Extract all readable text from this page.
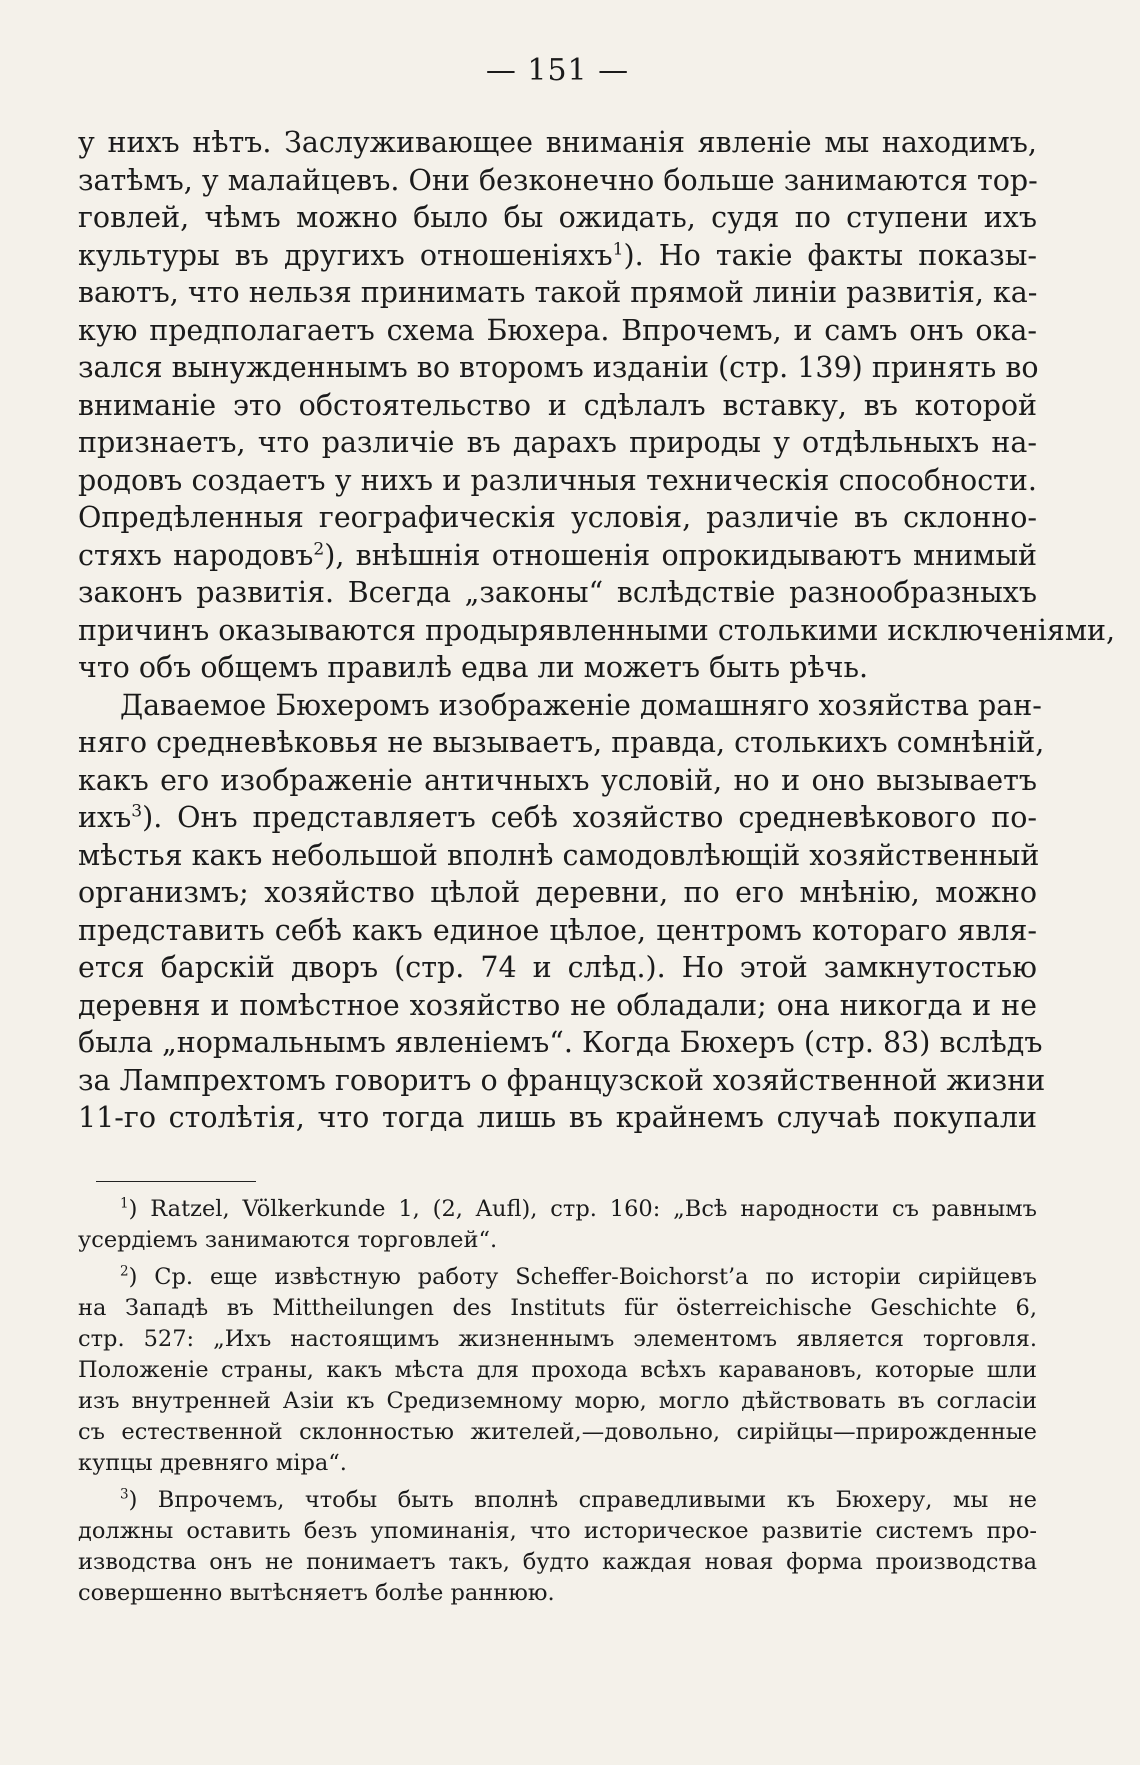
— 151 —
у нихъ нѣтъ. Заслуживающее вниманія явленіе мы находимъ,
затѣмъ, у малайцевъ. Они безконечно больше занимаются тор-
говлей, чѣмъ можно было бы ожидать, судя по ступени ихъ
культуры въ другихъ отношеніяхъ$^1$). Но такіе факты показы-
ваютъ, что нельзя принимать такой прямой линіи развитія, ка-
кую предполагаетъ схема Бюхера. Впрочемъ, и самъ онъ ока-
зался вынужденнымъ во второмъ изданіи (стр. 139) принять во
вниманіе это обстоятельство и сдѣлалъ вставку, въ которой
признаетъ, что различіе въ дарахъ природы у отдѣльныхъ на-
родовъ создаетъ у нихъ и различныя техническія способности.
Опредѣленныя географическія условія, различіе въ склонно-
стяхъ народовъ$^2$), внѣшнія отношенія опрокидываютъ мнимый
законъ развитія. Всегда „законы“ вслѣдствіе разнообразныхъ
причинъ оказываются продырявленными столькими исключеніями,
что объ общемъ правилѣ едва ли можетъ быть рѣчь.
Даваемое Бюхеромъ изображеніе домашняго хозяйства ран-
няго средневѣковья не вызываетъ, правда, столькихъ сомнѣній,
какъ его изображеніе античныхъ условій, но и оно вызываетъ
ихъ$^3$). Онъ представляетъ себѣ хозяйство средневѣкового по-
мѣстья какъ небольшой вполнѣ самодовлѣющій хозяйственный
организмъ; хозяйство цѣлой деревни, по его мнѣнію, можно
представить себѣ какъ единое цѣлое, центромъ котораго явля-
ется барскій дворъ (стр. 74 и слѣд.). Но этой замкнутостью
деревня и помѣстное хозяйство не обладали; она никогда и не
была „нормальнымъ явленіемъ“. Когда Бюхеръ (стр. 83) вслѣдъ
за Лампрехтомъ говоритъ о французской хозяйственной жизни
11-го столѣтія, что тогда лишь въ крайнемъ случаѣ покупали
$^1$) Ratzel, Völkerkunde 1, (2, Aufl), стр. 160: „Всѣ народности съ равнымъ
усердіемъ занимаются торговлей“.
$^2$) Ср. еще извѣстную работу Scheffer-Boichorst’a по исторіи сирійцевъ
на Западѣ въ Mittheilungen des Instituts für österreichische Geschichte 6,
стр. 527: „Ихъ настоящимъ жизненнымъ элементомъ является торговля.
Положеніе страны, какъ мѣста для прохода всѣхъ каравановъ, которые шли
изъ внутренней Азіи къ Средиземному морю, могло дѣйствовать въ согласіи
съ естественной склонностью жителей,—довольно, сирійцы—прирожденные
купцы древняго міра“.
$^3$) Впрочемъ, чтобы быть вполнѣ справедливыми къ Бюхеру, мы не
должны оставить безъ упоминанія, что историческое развитіе системъ про-
изводства онъ не понимаетъ такъ, будто каждая новая форма производства
совершенно вытѣсняетъ болѣе раннюю.
